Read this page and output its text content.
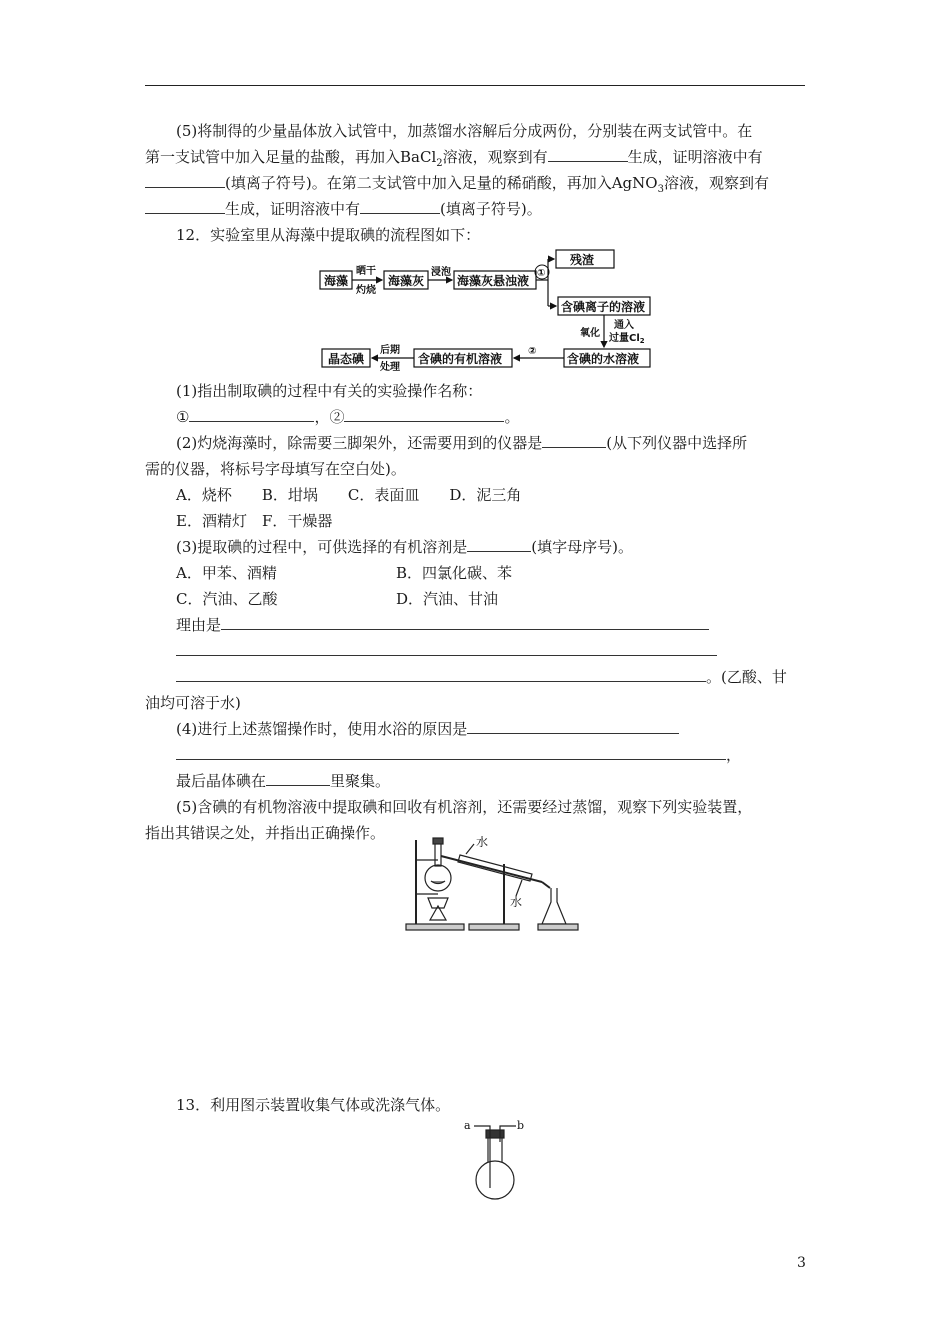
(5)将制得的少量晶体放入试管中，加蒸馏水溶解后分成两份，分别装在两支试管中。在
第一支试管中加入足量的盐酸，再加入BaCl$_2$溶液，观察到有	生成，证明溶液中有
(填离子符号)。在第二支试管中加入足量的稀硝酸，再加入AgNO$_3$溶液，观察到有
生成，证明溶液中有	(填离子符号)。
12．实验室里从海藻中提取碘的流程图如下：
海藻	海藻灰	海藻灰悬浊液
残渣
含碘离子的溶液
含碘的水溶液
含碘的有机溶液
晶态碘
晒干
灼烧
浸泡	①
氧化
通入
过量$Cl_2$
②
后期
处理
(1)指出制取碘的过程中有关的实验操作名称：
①	，②	。
(2)灼烧海藻时，除需要三脚架外，还需要用到的仪器是	(从下列仪器中选择所
需的仪器，将标号字母填写在空白处)。
A．烧杯　　B．坩埚　　C．表面皿　　D．泥三角
E．酒精灯　F．干燥器
(3)提取碘的过程中，可供选择的有机溶剂是	(填字母序号)。
A．甲苯、酒精	B．四氯化碳、苯
C．汽油、乙酸	D．汽油、甘油
理由是
。(乙酸、甘
油均可溶于水)
(4)进行上述蒸馏操作时，使用水浴的原因是
，
最后晶体碘在	里聚集。
(5)含碘的有机物溶液中提取碘和回收有机溶剂，还需要经过蒸馏，观察下列实验装置，
指出其错误之处，并指出正确操作。	水
水
13．利用图示装置收集气体或洗涤气体。
a	b
3
